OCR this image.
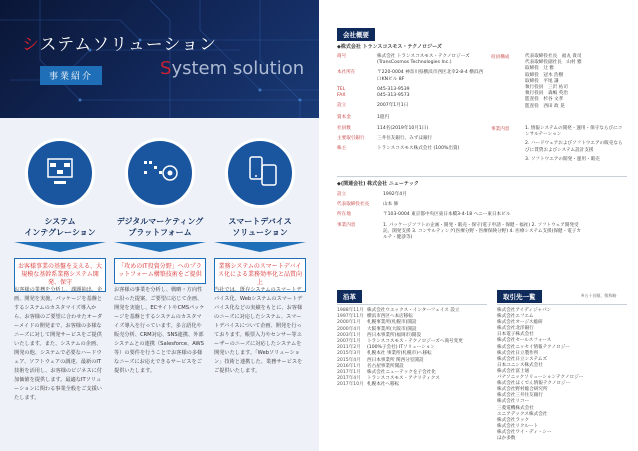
システムソリューション
事業紹介	System solution
システム
インテグレーション
お客様事業の基盤を支える、大規模な基幹系業務システム開発、保守
お客様の業務を分析し、課題抽出、企画、開発を実施。パッケージを基盤とするシステムのカスタマイズ導入から、お客様のご要望に合わせたオーダーメイドの開発まで、お客様の多様なニーズに対して開発サービスをご提供いたします。また、システムの企画、開発の他、システムで必要なハードウェア、ソフトウェアの調達、最新のIT技術を活用し、お客様のビジネスに付加価値を提供します。最適なITソリューションに関わる事業全般をご支援いたします。
デジタルマーケティング
プラットフォーム
「攻めのIT投資分野」へのプラットフォーム構築技術をご提供
お客様の事業を分析し、戦略・方向性に沿った提案、ご要望に応じて企画、開発を実施し、ECサイトやCMSパッケージを基盤とするシステムのカスタマイズ導入を行っています。多言語化や販売分析、CRM対応、SNS連携、外部システムとの連携（Salesforce、AWS等）の要件を行うことでお客様の多様なニーズにお応えできるサービスをご提供いたします。
スマートデバイス
ソリューション
業務システムのスマートデバイス化による業務効率化と品質向上
当社では、既存システムのスマートデバイス化、Webシステムのスマートデバイス化などの実績をもとに、お客様のニーズに対応したシステム、スマートデバイスについて企画、開発を行っております。帳票入力やセンサー等ユーザーのニーズに対応したシステムを開発いたします。「Webソリューション」技術と連携した、業務サービスをご提供いたします。
会社概要
◆株式会社 トランスコスモス・テクノロジーズ
商号	株式会社 トランスコスモス・テクノロジーズ (TransCosmos Technologies Inc.)
本社所在	〒220-0004 神奈川県横浜市西区北幸2-8-4 横浜西口KNビル 8F
TEL	045-313-9539
FAX	045-313-9573
設立	2007年1月1日
資本金	1億円
社員数	114名(2019年10月1日)
主要取引銀行	三井住友銀行、みずほ銀行
株主	トランスコスモス株式会社 (100%出資)
役員構成	代表取締役社長　福丸 貴司
代表取締役副社長　山村 雅
取締役　辻 雅
取締役　冠木 浩樹
取締役　平尾 謙
執行役員　三沢 祐司
執行役員　森嶋 英治
監査役　杉谷 文孝
監査役　西田 政 晃
事業内容	1. 情報システムの開発・運用・保守ならびにコンサルテーション
2. ハードウェアおよびソフトウエアの販売ならびに賃貸およびシステム設計支援
3. ソフトウエアの開発・運用・販売
◆(関連会社) 株式会社 ニューテック
設立	1992年4月
代表取締役社長	山本 修
所在地	〒103-0004 東京都中央区東日本橋3-4-18 ヘニー東日本ビル
事業内容	1. パッケージソフトの企画・開発・販売・保守(電子申請・保健・福祉) 2. ソフトウェア開発受託、開発支援 3. コンサルティング(医療分野・医療保険分野) 4. 医療システム支援(保健・電子カルテ・健診等)
沿革
1988年11月 株式会社ウエックス・インターフェイス 設立
1997年11月 横浜市西区へ本店移転
2000年1月	札幌事業所(札幌市)開設
2000年4月	大阪事業所(大阪市)開設
2003年1月	西日本事業所(福岡市)開設
2007年1月	トランスコスモス・テクノロジーズへ商号変更
2011年2月	(100%子会社) ITソリューション
2015年3月	札幌本社 事業所(札幌市)へ移転
2015年4月	西日本事業所 関西分室開設
2016年1月	名古屋事業所開設
2017年1月	株式会社ニューテックを子会社化
2017年4月	トランスコスモス・アナリティクス
2017年10月 札幌本社へ移転
取引先一覧	※五十音順、敬称略
株式会社アイディジャパン
株式会社エフエム
株式会社オージス総研
株式会社北洋銀行
日本電子株式会社
株式会社セールスフォース
株式会社ニッセイ情報テクノロジー
株式会社日立製作所
株式会社日立システムズ
日本ユニシス株式会社
株式会社富士通
パナソニックソリューションテクノロジー
株式会社ほくでん情報テクノロジー
株式会社野村総合研究所
株式会社三井住友銀行
株式会社リコー
三菱電機株式会社
ユニアデックス株式会社
株式会社ラック
株式会社リクルート
株式会社ワイ・ディ・シー
ほか多数
